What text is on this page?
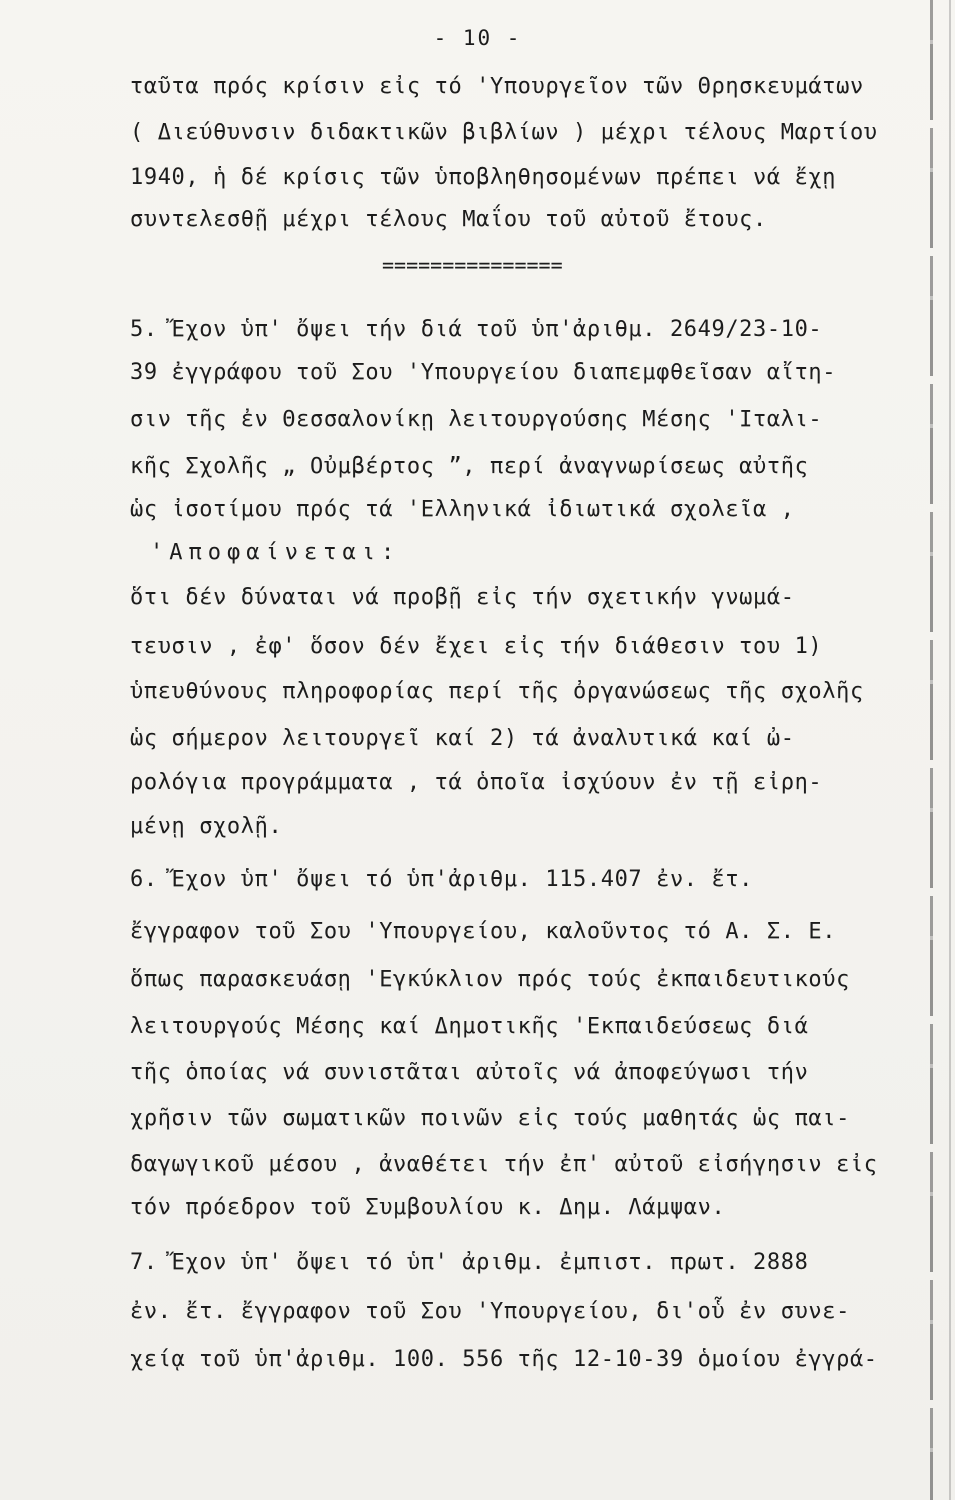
- 10 -
ταῦτα πρός κρίσιν εἰς τό 'Υπουργεῖον τῶν Θρησκευμάτων
( Διεύθυνσιν διδακτικῶν βιβλίων ) μέχρι τέλους Μαρτίου
1940, ἡ δέ κρίσις τῶν ὑποβληθησομένων πρέπει νά ἔχῃ
συντελεσθῇ μέχρι τέλους Μαΐου τοῦ αὐτοῦ ἔτους.
===============
5. Ἔχον ὑπ' ὄψει τήν διά τοῦ ὑπ'ἀριθμ. 2649/23-10-
39 ἐγγράφου τοῦ Σου 'Υπουργείου διαπεμφθεῖσαν αἴτη-
σιν τῆς ἐν Θεσσαλονίκῃ λειτουργούσης Μέσης 'Ιταλι-
κῆς Σχολῆς „ Οὐμβέρτος ”, περί ἀναγνωρίσεως αὐτῆς
ὡς ἰσοτίμου πρός τά 'Ελληνικά ἰδιωτικά σχολεῖα ,
'Αποφαίνεται:
ὅτι δέν δύναται νά προβῇ εἰς τήν σχετικήν γνωμά-
τευσιν , ἐφ' ὅσον δέν ἔχει εἰς τήν διάθεσιν του 1)
ὑπευθύνους πληροφορίας περί τῆς ὀργανώσεως τῆς σχολῆς
ὡς σήμερον λειτουργεῖ καί 2) τά ἀναλυτικά καί ὠ-
ρολόγια προγράμματα , τά ὁποῖα ἰσχύουν ἐν τῇ εἰρη-
μένῃ σχολῇ.
6. Ἔχον ὑπ' ὄψει τό ὑπ'ἀριθμ. 115.407 ἐν. ἔτ.
ἔγγραφον τοῦ Σου 'Υπουργείου, καλοῦντος τό Α. Σ. Ε.
ὅπως παρασκευάσῃ 'Εγκύκλιον πρός τούς ἐκπαιδευτικούς
λειτουργούς Μέσης καί Δημοτικῆς 'Εκπαιδεύσεως διά
τῆς ὁποίας νά συνιστᾶται αὐτοῖς νά ἀποφεύγωσι τήν
χρῆσιν τῶν σωματικῶν ποινῶν εἰς τούς μαθητάς ὡς παι-
δαγωγικοῦ μέσου , ἀναθέτει τήν ἐπ' αὐτοῦ εἰσήγησιν εἰς
τόν πρόεδρον τοῦ Συμβουλίου κ. Δημ. Λάμψαν.
7. Ἔχον ὑπ' ὄψει τό ὑπ' ἀριθμ. ἐμπιστ. πρωτ. 2888
ἐν. ἔτ. ἔγγραφον τοῦ Σου 'Υπουργείου, δι'οὗ ἐν συνε-
χείᾳ τοῦ ὑπ'ἀριθμ. 100. 556 τῆς 12-10-39 ὁμοίου ἐγγρά-
